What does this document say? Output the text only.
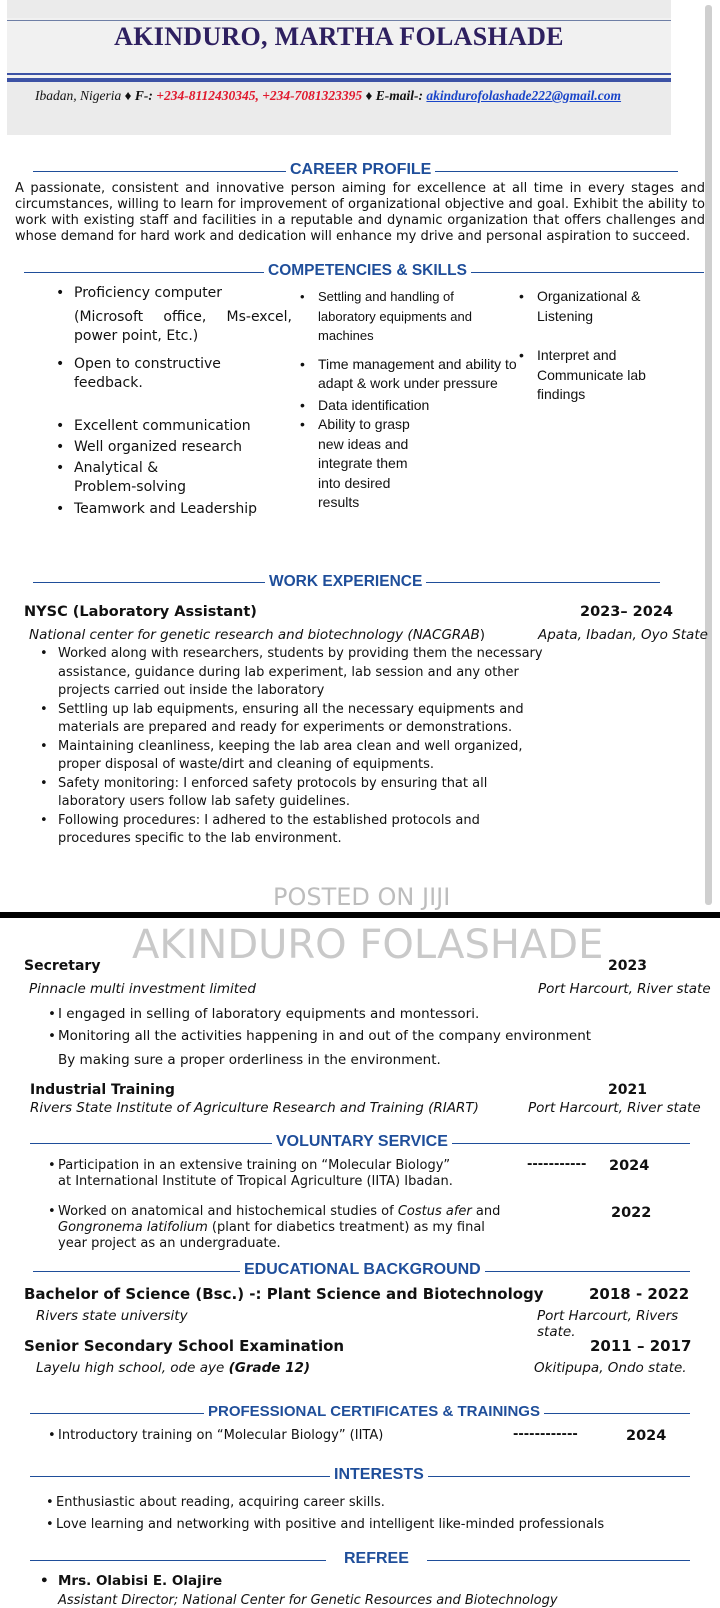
AKINDURO, MARTHA FOLASHADE
Ibadan, Nigeria ♦ F-: +234-8112430345, +234-7081323395 ♦ E-mail-: akindurofolashade222@gmail.com
CAREER PROFILE
A passionate, consistent and innovative person aiming for excellence at all time in every stages and circumstances, willing to learn for improvement of organizational objective and goal. Exhibit the ability to work with existing staff and facilities in a reputable and dynamic organization that offers challenges and whose demand for hard work and dedication will enhance my drive and personal aspiration to succeed.
COMPETENCIES & SKILLS
• Proficiency computer
(Microsoft office, Ms-excel, power point, Etc.)
• Open to constructive feedback.
• Excellent communication
• Well organized research
• Analytical & Problem-solving
• Teamwork and Leadership
• Settling and handling of laboratory equipments and machines
• Time management and ability to adapt & work under pressure
• Data identification
• Ability to grasp new ideas and integrate them into desired results
• Organizational & Listening
• Interpret and Communicate lab findings
WORK EXPERIENCE
NYSC (Laboratory Assistant)	2023– 2024
National center for genetic research and biotechnology (NACGRAB)	Apata, Ibadan, Oyo State
• Worked along with researchers, students by providing them the necessary assistance, guidance during lab experiment, lab session and any other projects carried out inside the laboratory
• Settling up lab equipments, ensuring all the necessary equipments and materials are prepared and ready for experiments or demonstrations.
• Maintaining cleanliness, keeping the lab area clean and well organized, proper disposal of waste/dirt and cleaning of equipments.
• Safety monitoring: I enforced safety protocols by ensuring that all laboratory users follow lab safety guidelines.
• Following procedures: I adhered to the established protocols and procedures specific to the lab environment.
POSTED ON JIJI
AKINDURO FOLASHADE
Secretary	2023
Pinnacle multi investment limited	Port Harcourt, River state
• I engaged in selling of laboratory equipments and montessori.
• Monitoring all the activities happening in and out of the company environment
By making sure a proper orderliness in the environment.
Industrial Training	2021
Rivers State Institute of Agriculture Research and Training (RIART)	Port Harcourt, River state
VOLUNTARY SERVICE
• Participation in an extensive training on “Molecular Biology” at International Institute of Tropical Agriculture (IITA) Ibadan.
----------- 2024
• Worked on anatomical and histochemical studies of Costus afer and Gongronema latifolium (plant for diabetics treatment) as my final year project as an undergraduate.
2022
EDUCATIONAL BACKGROUND
Bachelor of Science (Bsc.) -: Plant Science and Biotechnology	2018 - 2022
Rivers state university	Port Harcourt, Rivers state.
Senior Secondary School Examination	2011 – 2017
Layelu high school, ode aye (Grade 12)	Okitipupa, Ondo state.
PROFESSIONAL CERTIFICATES & TRAININGS
• Introductory training on “Molecular Biology” (IITA)	------------	2024
INTERESTS
• Enthusiastic about reading, acquiring career skills.
• Love learning and networking with positive and intelligent like-minded professionals
REFREE
• Mrs. Olabisi E. Olajire
Assistant Director; National Center for Genetic Resources and Biotechnology
